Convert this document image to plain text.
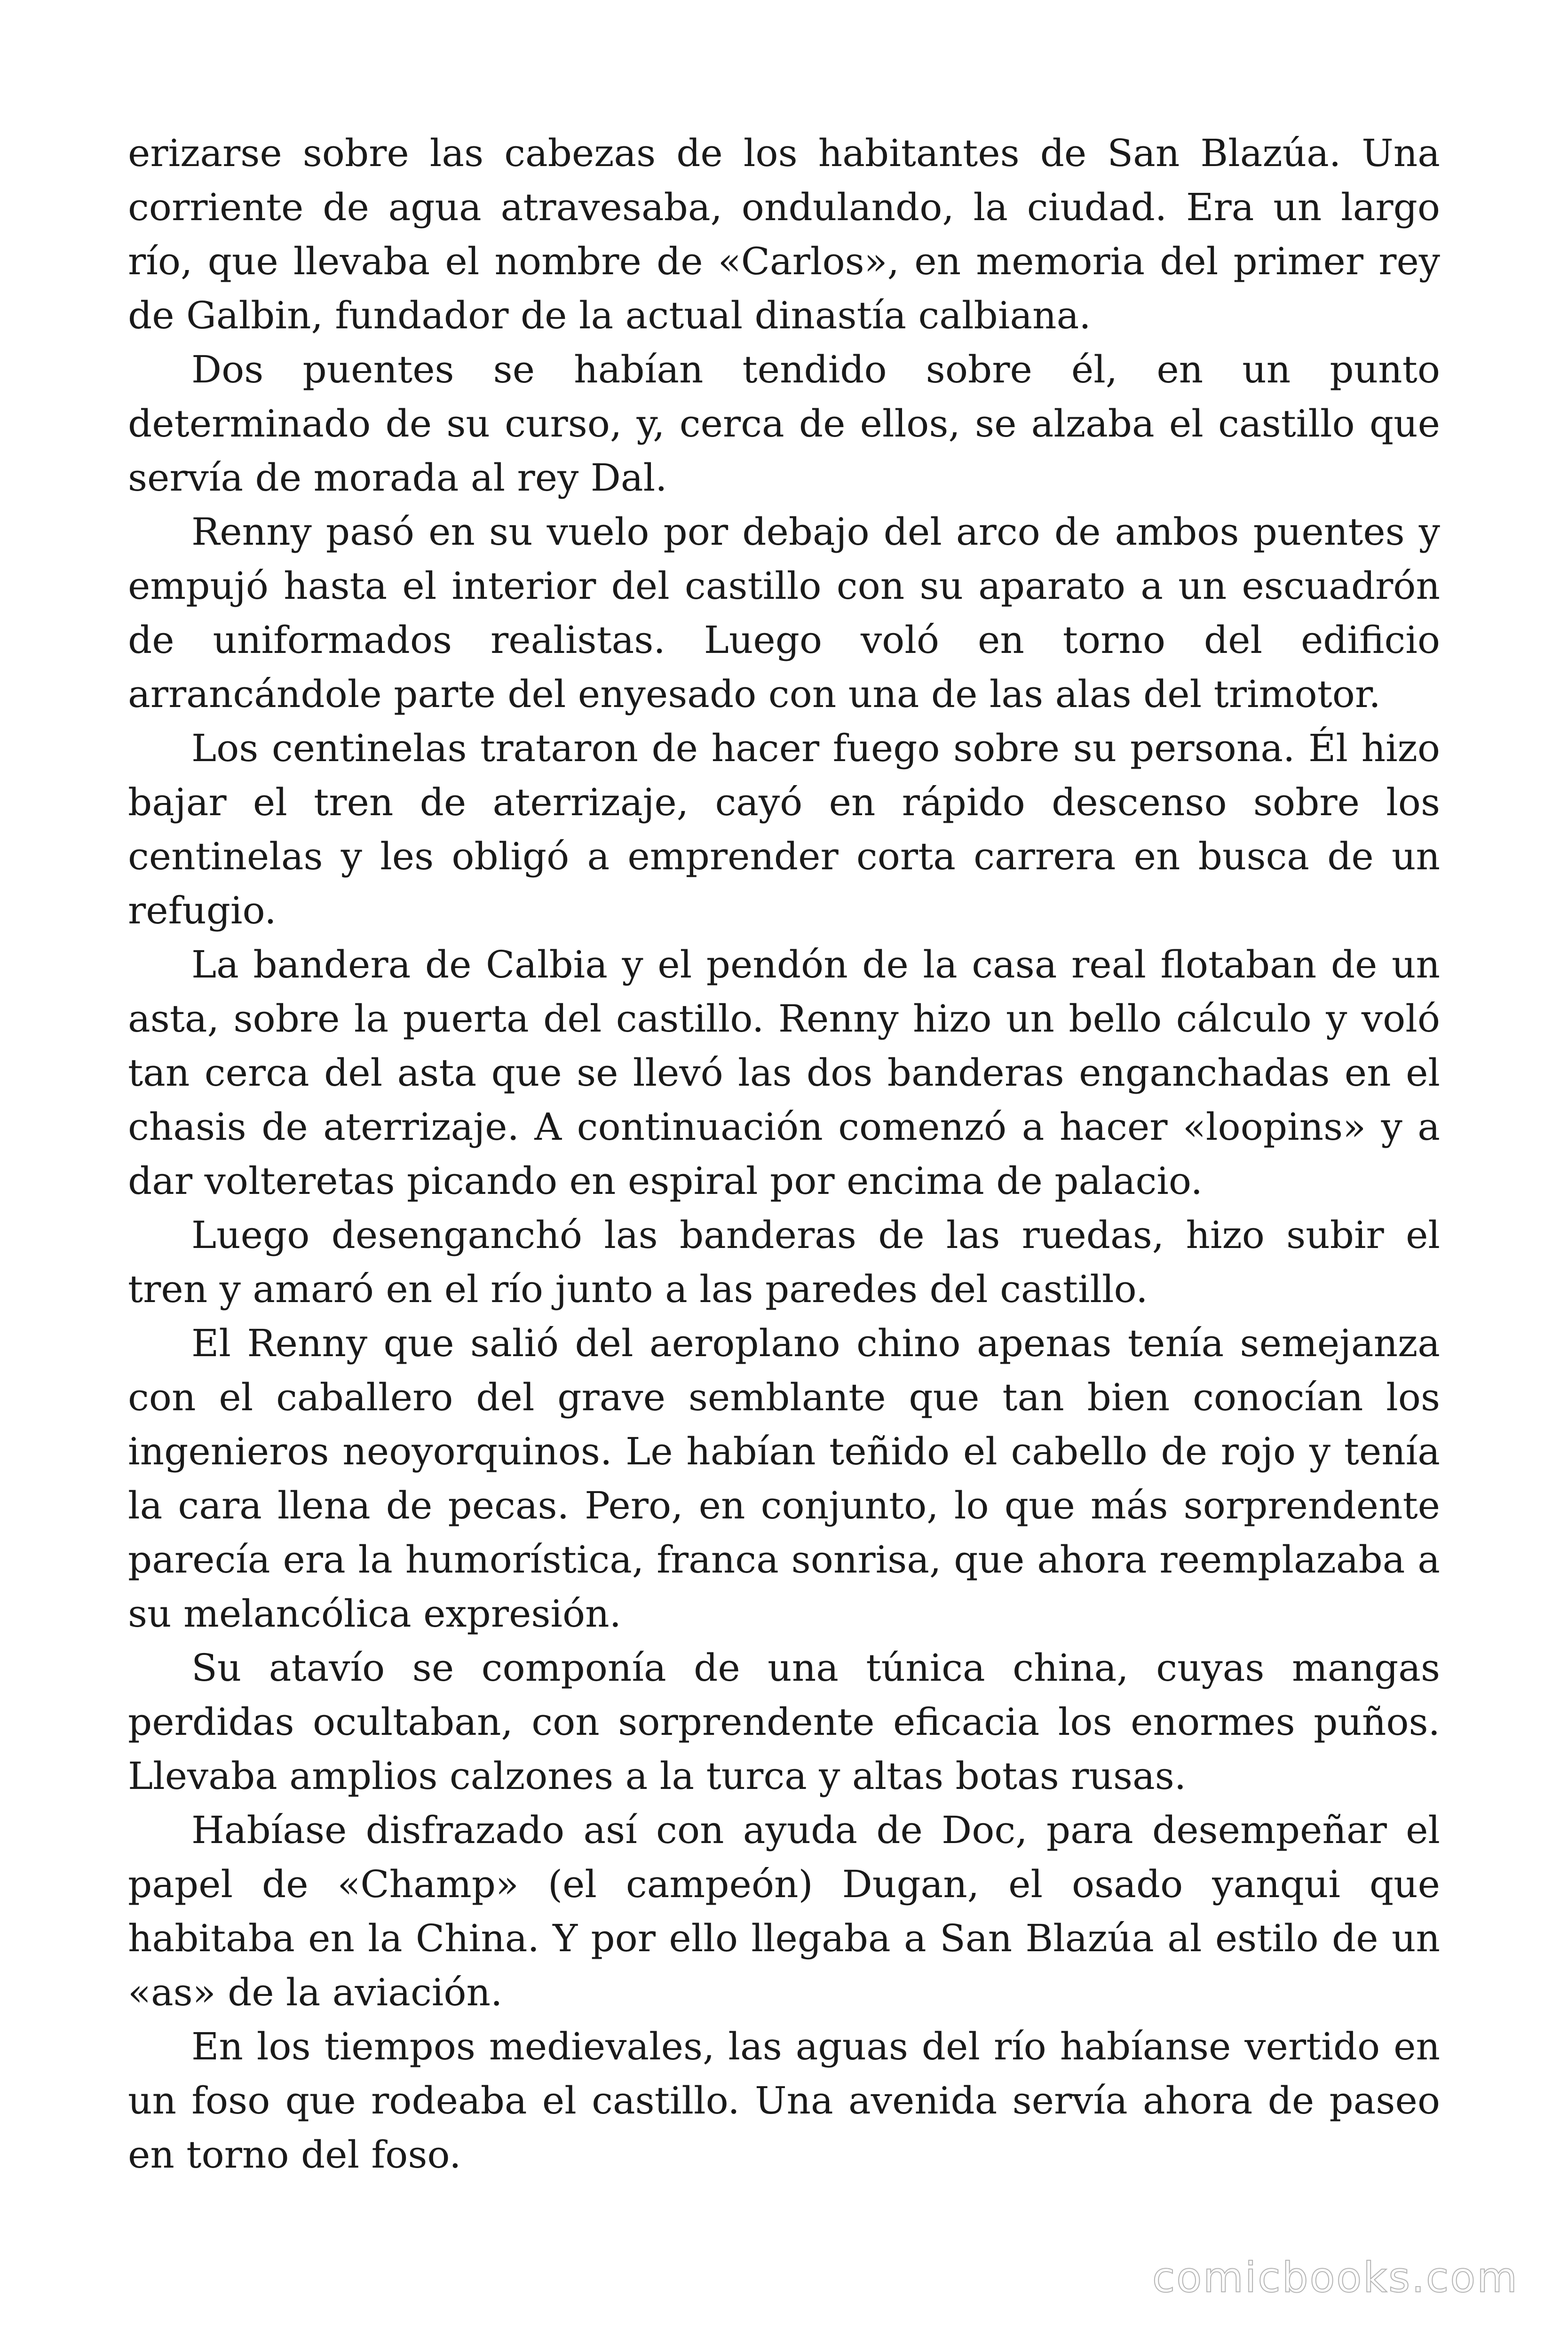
erizarse sobre las cabezas de los habitantes de San Blazúa. Una corriente de agua atravesaba, ondulando, la ciudad. Era un largo río, que llevaba el nombre de «Carlos», en memoria del primer rey de Galbin, fundador de la actual dinastía calbiana.

Dos puentes se habían tendido sobre él, en un punto determinado de su curso, y, cerca de ellos, se alzaba el castillo que servía de morada al rey Dal.

Renny pasó en su vuelo por debajo del arco de ambos puentes y empujó hasta el interior del castillo con su aparato a un escuadrón de uniformados realistas. Luego voló en torno del edificio arrancándole parte del enyesado con una de las alas del trimotor.

Los centinelas trataron de hacer fuego sobre su persona. Él hizo bajar el tren de aterrizaje, cayó en rápido descenso sobre los centinelas y les obligó a emprender corta carrera en busca de un refugio.

La bandera de Calbia y el pendón de la casa real flotaban de un asta, sobre la puerta del castillo. Renny hizo un bello cálculo y voló tan cerca del asta que se llevó las dos banderas enganchadas en el chasis de aterrizaje. A continuación comenzó a hacer «loopins» y a dar volteretas picando en espiral por encima de palacio.

Luego desenganchó las banderas de las ruedas, hizo subir el tren y amaró en el río junto a las paredes del castillo.

El Renny que salió del aeroplano chino apenas tenía semejanza con el caballero del grave semblante que tan bien conocían los ingenieros neoyorquinos. Le habían teñido el cabello de rojo y tenía la cara llena de pecas. Pero, en conjunto, lo que más sorprendente parecía era la humorística, franca sonrisa, que ahora reemplazaba a su melancólica expresión.

Su atavío se componía de una túnica china, cuyas mangas perdidas ocultaban, con sorprendente eficacia los enormes puños. Llevaba amplios calzones a la turca y altas botas rusas.

Habíase disfrazado así con ayuda de Doc, para desempeñar el papel de «Champ» (el campeón) Dugan, el osado yanqui que habitaba en la China. Y por ello llegaba a San Blazúa al estilo de un «as» de la aviación.

En los tiempos medievales, las aguas del río habíanse vertido en un foso que rodeaba el castillo. Una avenida servía ahora de paseo en torno del foso.

comicbooks.com
